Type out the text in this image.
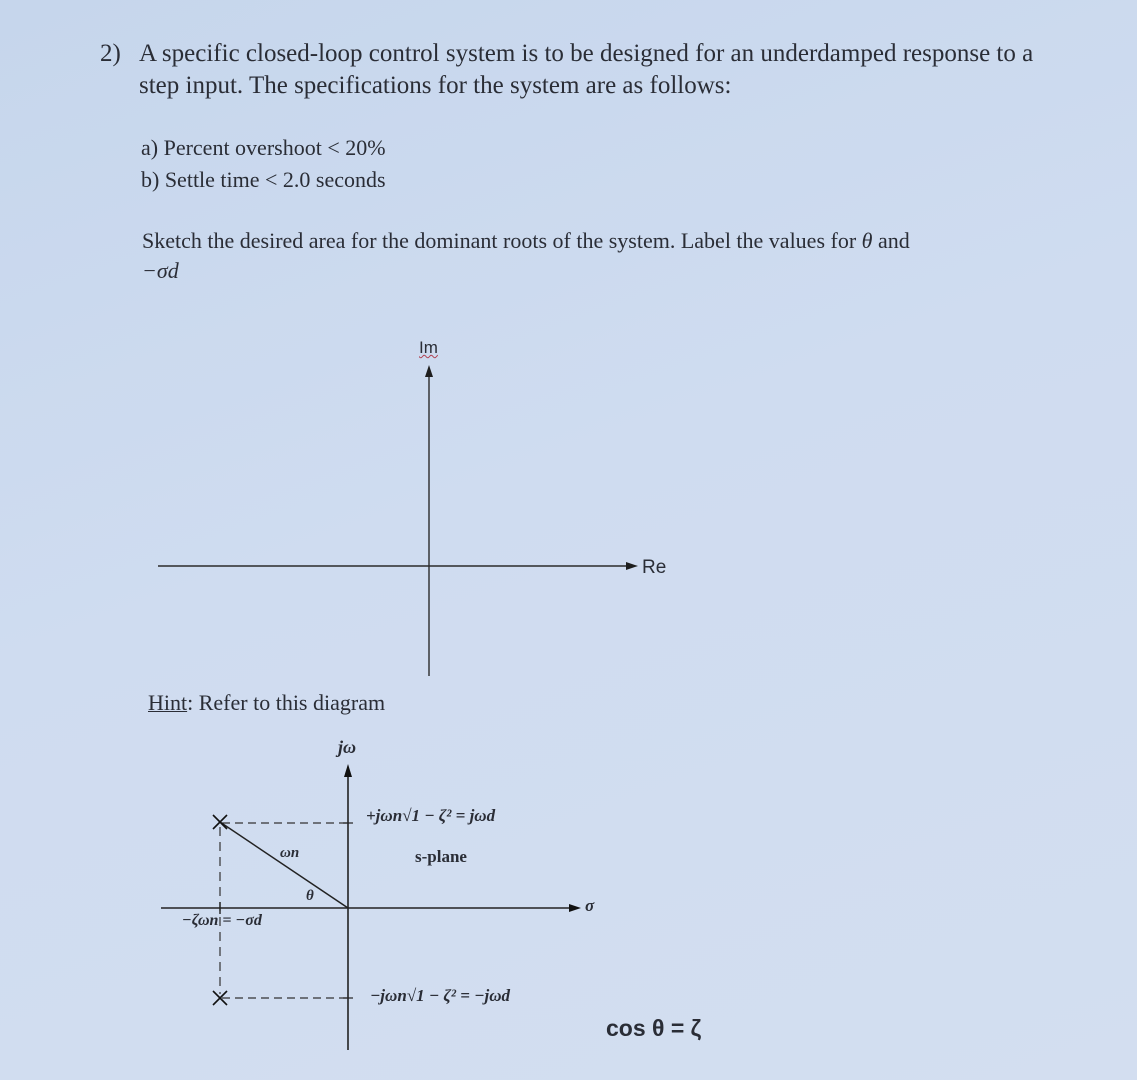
2) A specific closed-loop control system is to be designed for an underdamped response to a
step input. The specifications for the system are as follows:
a) Percent overshoot < 20%
b) Settle time < 2.0 seconds
Sketch the desired area for the dominant roots of the system. Label the values for θ and
−σd
Im
Re
Hint: Refer to this diagram
jω
+jωn√1 − ζ² = jωd
s-plane
ωn
θ
−ζωn = −σd
σ
−jωn√1 − ζ² = −jωd
cos θ = ζ
